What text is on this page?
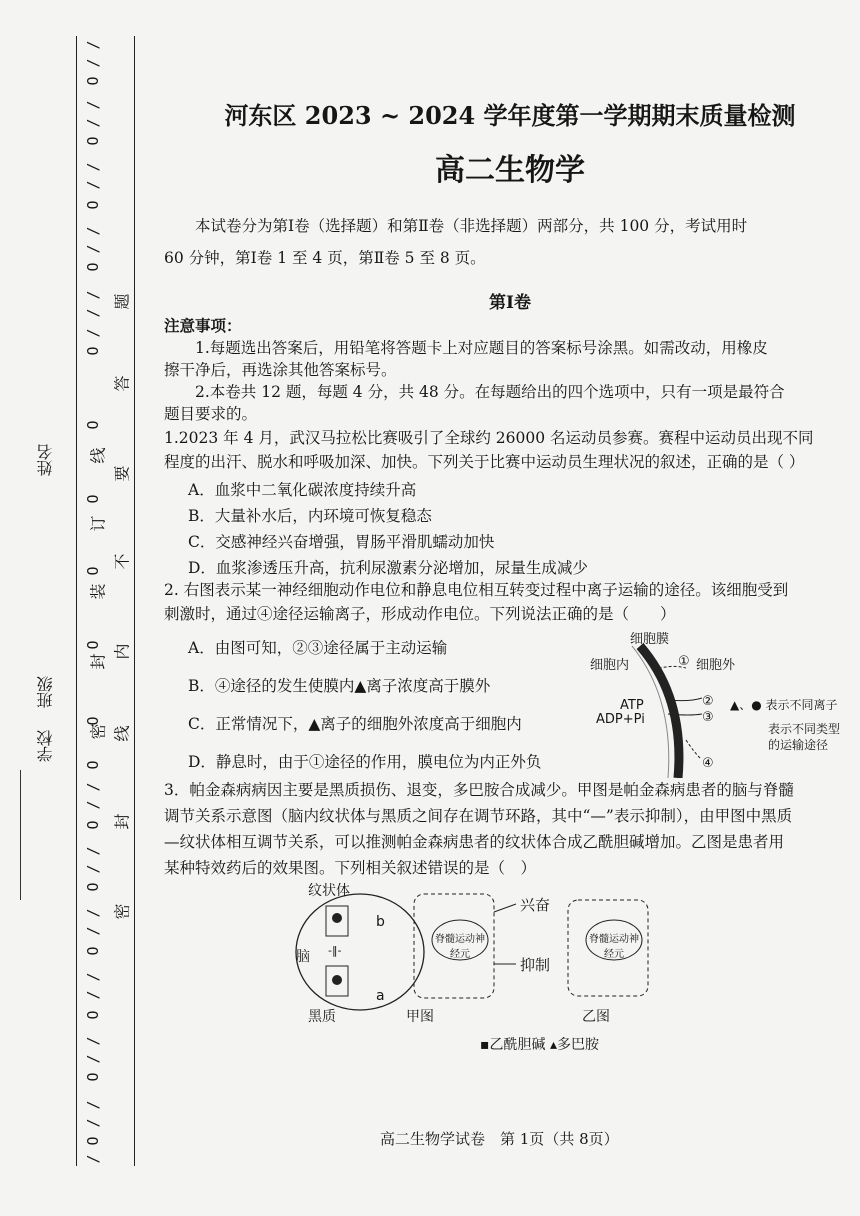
学校
班级
姓名
/
/
O
/
/
O
/
/
O
/
/
O
/
/
/
O
O
O
O
O
O
O
/
/
O
/
/
O
/
/
O
/
/
O
/
/
O
/
/
O
/
密
封
装
订
线
密
封
线
内
不
要
答
题
河东区 2023 ~ 2024 学年度第一学期期末质量检测
高二生物学
本试卷分为第Ⅰ卷（选择题）和第Ⅱ卷（非选择题）两部分，共 100 分，考试用时
60 分钟，第Ⅰ卷 1 至 4 页，第Ⅱ卷 5 至 8 页。
第Ⅰ卷
注意事项：
1.每题选出答案后，用铅笔将答题卡上对应题目的答案标号涂黑。如需改动，用橡皮
擦干净后，再选涂其他答案标号。
2.本卷共 12 题，每题 4 分，共 48 分。在每题给出的四个选项中，只有一项是最符合
题目要求的。
1.2023 年 4 月，武汉马拉松比赛吸引了全球约 26000 名运动员参赛。赛程中运动员出现不同
程度的出汗、脱水和呼吸加深、加快。下列关于比赛中运动员生理状况的叙述，正确的是（ ）
A．血浆中二氧化碳浓度持续升高
B．大量补水后，内环境可恢复稳态
C．交感神经兴奋增强，胃肠平滑肌蠕动加快
D．血浆渗透压升高，抗利尿激素分泌增加，尿量生成减少
2. 右图表示某一神经细胞动作电位和静息电位相互转变过程中离子运输的途径。该细胞受到
刺激时，通过④途径运输离子，形成动作电位。下列说法正确的是（　　）
A．由图可知，②③途径属于主动运输
B．④途径的发生使膜内▲离子浓度高于膜外
C．正常情况下，▲离子的细胞外浓度高于细胞内
D．静息时，由于①途径的作用，膜电位为内正外负
细胞膜
细胞内	① 细胞外
ATP
ADP+Pi
②
③
④
▲、● 表示不同离子
表示不同类型
的运输途径
3．帕金森病病因主要是黑质损伤、退变，多巴胺合成减少。甲图是帕金森病患者的脑与脊髓
调节关系示意图（脑内纹状体与黑质之间存在调节环路，其中“—”表示抑制），由甲图中黑质
—纹状体相互调节关系，可以推测帕金森病患者的纹状体合成乙酰胆碱增加。乙图是患者用
某种特效药后的效果图。下列相关叙述错误的是（　）
纹状体
脑
黑质
b
a
-‖-
脊髓运动神经元
兴奋
抑制
脊髓运动神经元
甲图	乙图
▪乙酰胆碱 ▴多巴胺
高二生物学试卷　第 1页（共 8页）
